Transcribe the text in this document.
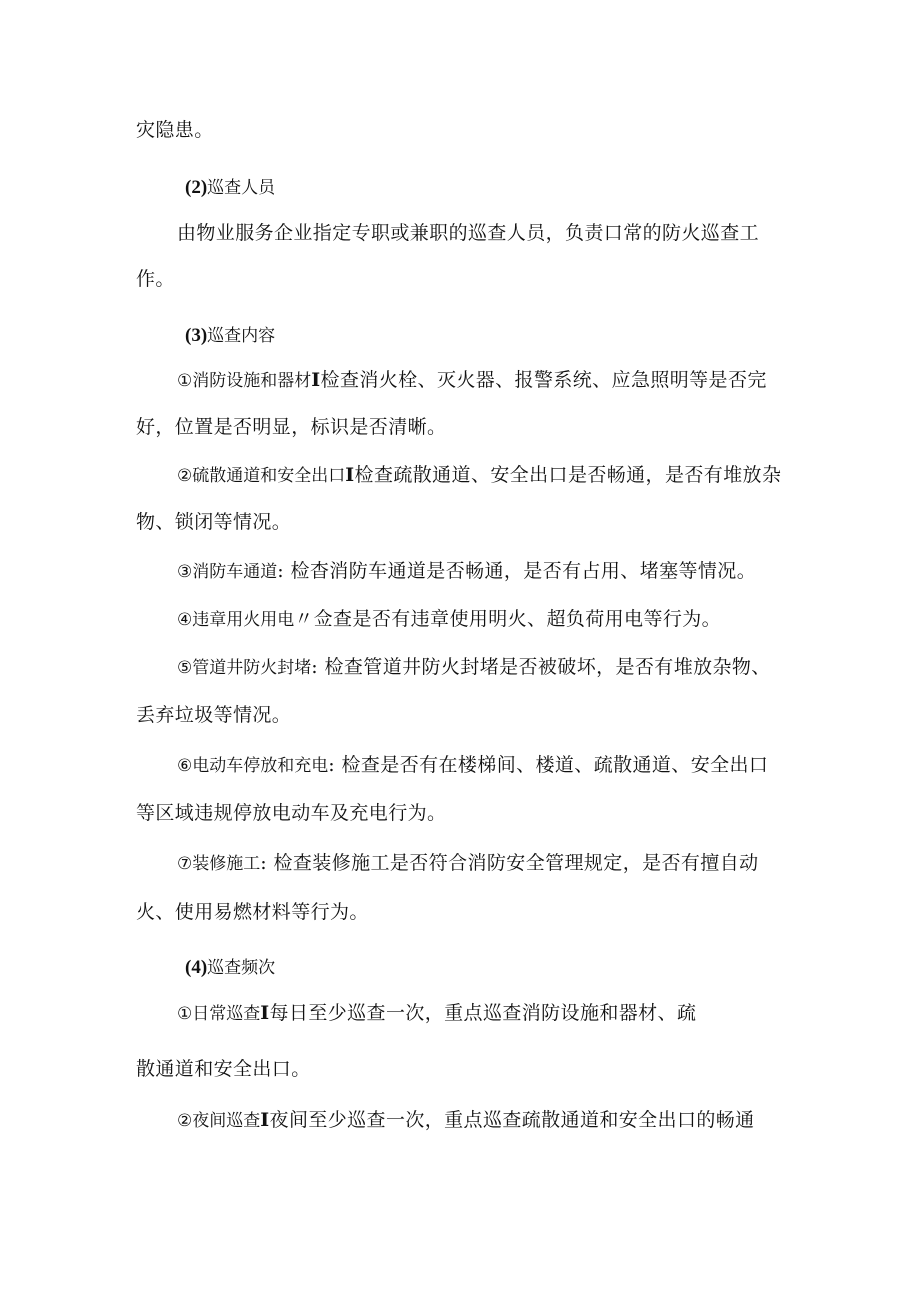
灾隐患。
(2)巡查人员
由物业服务企业指定专职或兼职的巡查人员，负责口常的防火巡查工
作。
(3)巡查内容
①消防设施和器材I检查消火栓、灭火器、报警系统、应急照明等是否完
好，位置是否明显，标识是否清晰。
②硫散通道和安全出口I检查疏散通道、安全出口是否畅通，是否有堆放杂
物、锁闭等情况。
③消防车通道: 检杳消防车通道是否畅通，是否有占用、堵塞等情况。
④违章用火用电〃佥查是否有违章使用明火、超负荷用电等行为。
⑤管道井防火封堵: 检查管道井防火封堵是否被破坏，是否有堆放杂物、
丢弃垃圾等情况。
⑥电动车停放和充电: 检查是否有在楼梯间、楼道、疏散通道、安全出口
等区域违规停放电动车及充电行为。
⑦装修施工: 检查装修施工是否符合消防安全管理规定，是否有擅自动
火、使用易燃材料等行为。
(4)巡查频次
①日常巡查I每日至少巡查一次，重点巡查消防设施和器材、疏
散通道和安全出口。
②夜间巡查I夜间至少巡查一次，重点巡查疏散通道和安全出口的畅通
